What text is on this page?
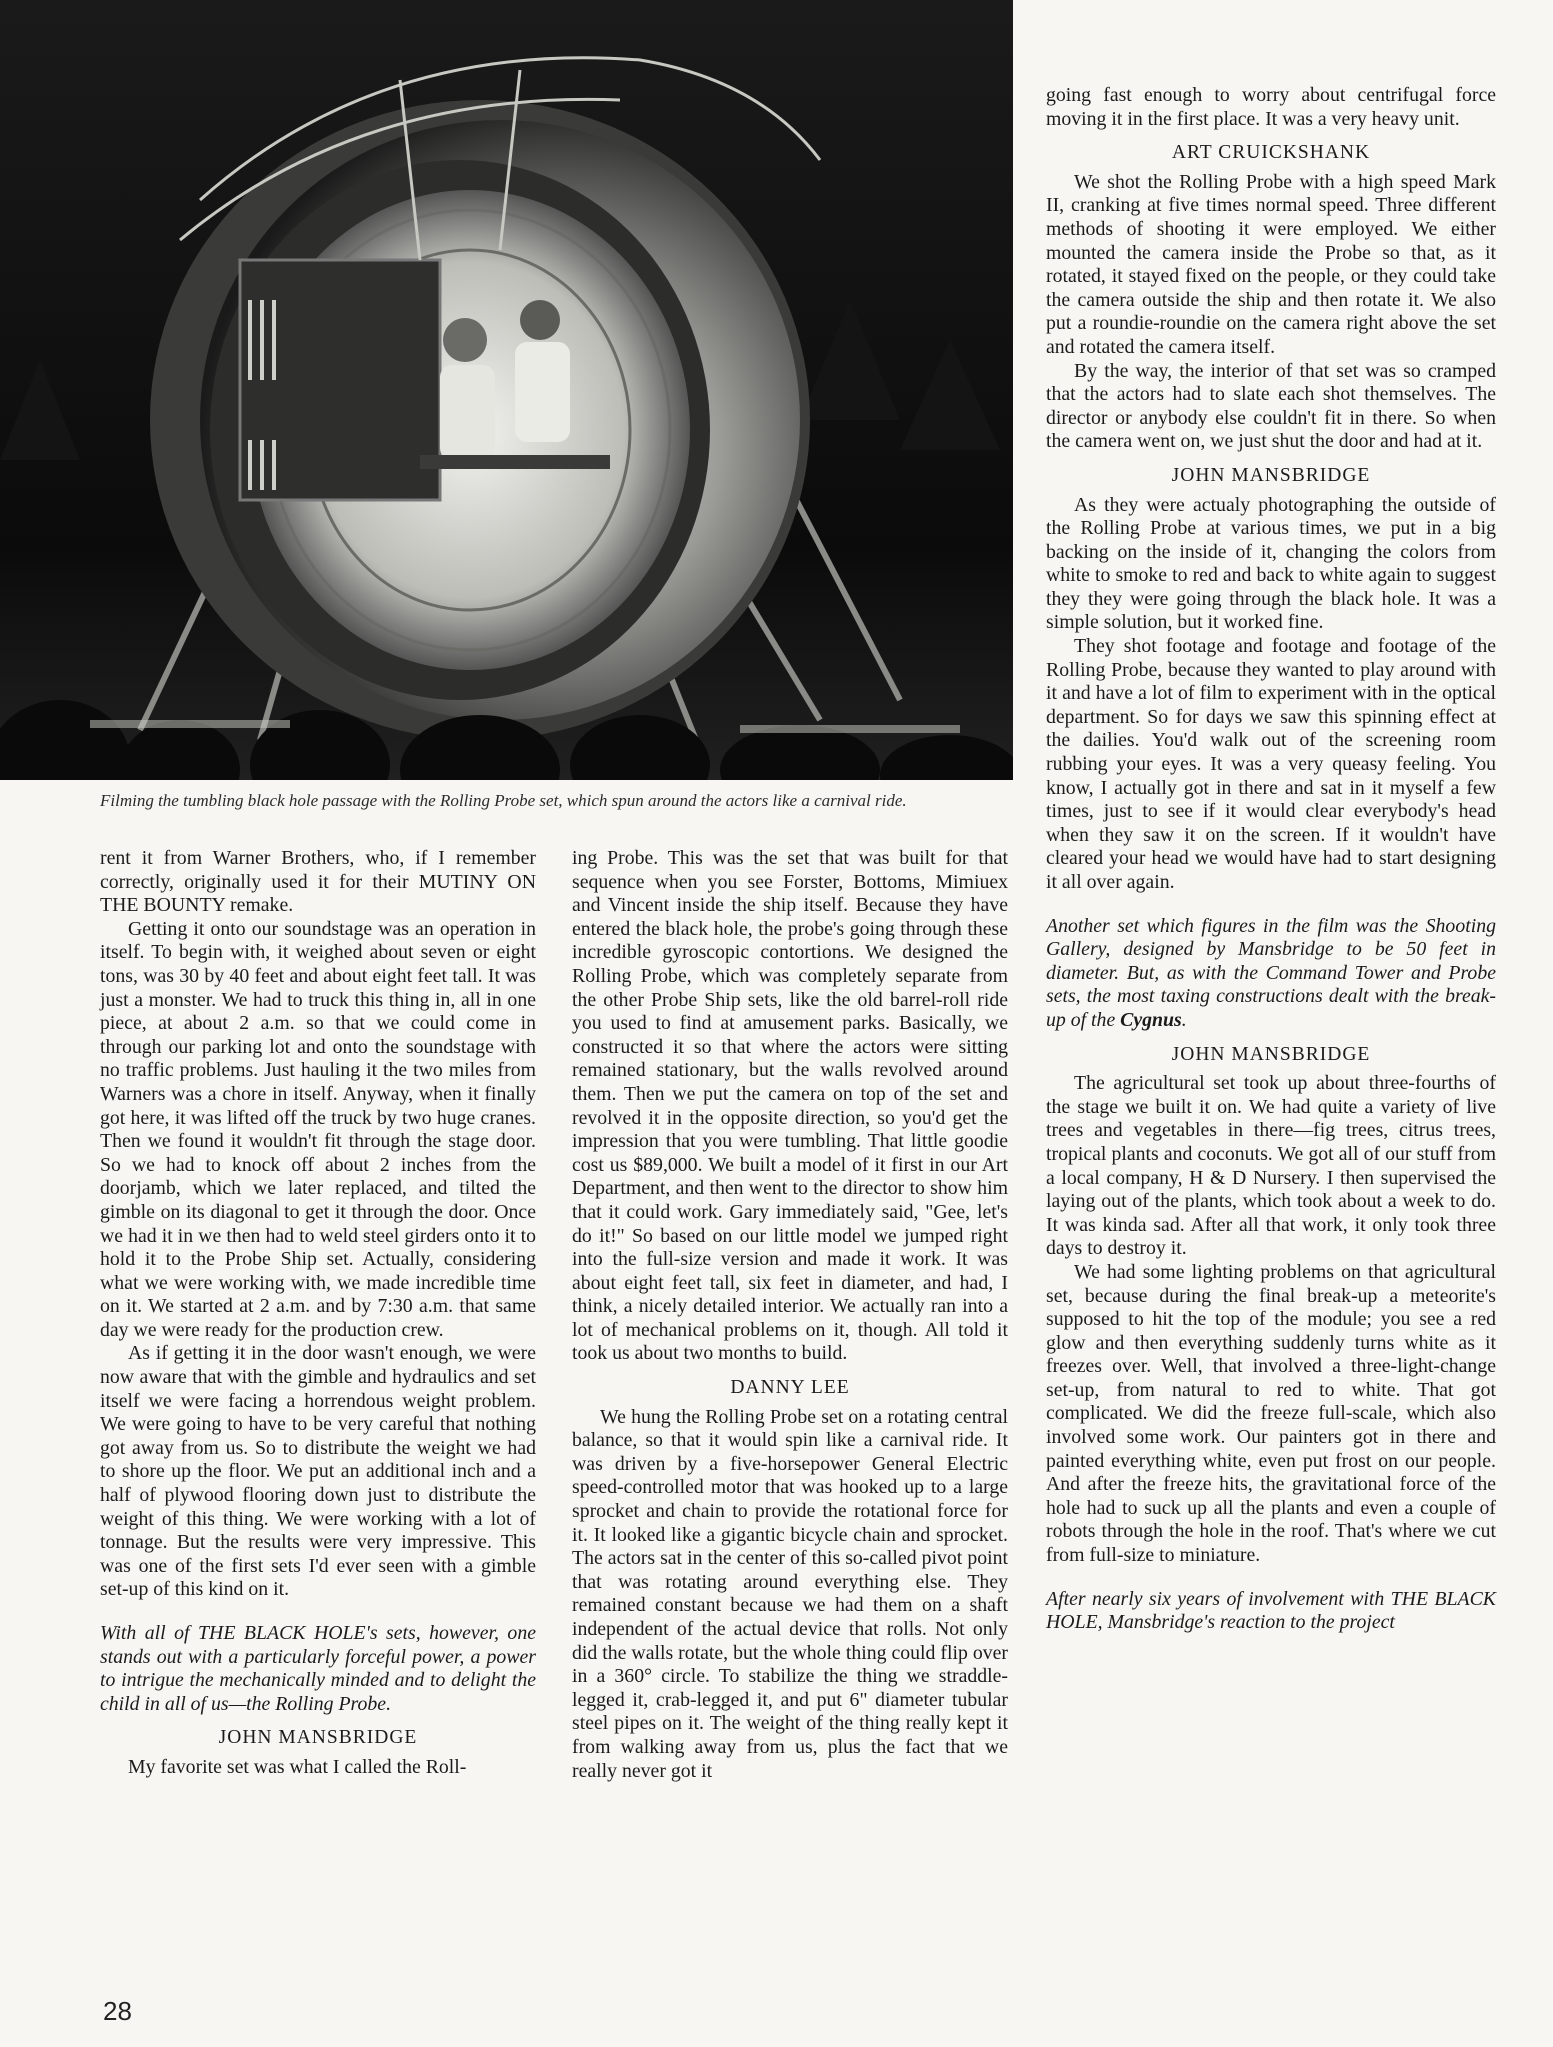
Filming the tumbling black hole passage with the Rolling Probe set, which spun around the actors like a carnival ride.

rent it from Warner Brothers, who, if I remember correctly, originally used it for their MUTINY ON THE BOUNTY remake.

Getting it onto our soundstage was an operation in itself. To begin with, it weighed about seven or eight tons, was 30 by 40 feet and about eight feet tall. It was just a monster. We had to truck this thing in, all in one piece, at about 2 a.m. so that we could come in through our parking lot and onto the soundstage with no traffic problems. Just hauling it the two miles from Warners was a chore in itself. Anyway, when it finally got here, it was lifted off the truck by two huge cranes. Then we found it wouldn't fit through the stage door. So we had to knock off about 2 inches from the doorjamb, which we later replaced, and tilted the gimble on its diagonal to get it through the door. Once we had it in we then had to weld steel girders onto it to hold it to the Probe Ship set. Actually, considering what we were working with, we made incredible time on it. We started at 2 a.m. and by 7:30 a.m. that same day we were ready for the production crew.

As if getting it in the door wasn't enough, we were now aware that with the gimble and hydraulics and set itself we were facing a horrendous weight problem. We were going to have to be very careful that nothing got away from us. So to distribute the weight we had to shore up the floor. We put an additional inch and a half of plywood flooring down just to distribute the weight of this thing. We were working with a lot of tonnage. But the results were very impressive. This was one of the first sets I'd ever seen with a gimble set-up of this kind on it.

With all of THE BLACK HOLE's sets, however, one stands out with a particularly forceful power, a power to intrigue the mechanically minded and to delight the child in all of us—the Rolling Probe.

JOHN MANSBRIDGE

My favorite set was what I called the Roll-

ing Probe. This was the set that was built for that sequence when you see Forster, Bottoms, Mimiuex and Vincent inside the ship itself. Because they have entered the black hole, the probe's going through these incredible gyroscopic contortions. We designed the Rolling Probe, which was completely separate from the other Probe Ship sets, like the old barrel-roll ride you used to find at amusement parks. Basically, we constructed it so that where the actors were sitting remained stationary, but the walls revolved around them. Then we put the camera on top of the set and revolved it in the opposite direction, so you'd get the impression that you were tumbling. That little goodie cost us $89,000. We built a model of it first in our Art Department, and then went to the director to show him that it could work. Gary immediately said, "Gee, let's do it!" So based on our little model we jumped right into the full-size version and made it work. It was about eight feet tall, six feet in diameter, and had, I think, a nicely detailed interior. We actually ran into a lot of mechanical problems on it, though. All told it took us about two months to build.

DANNY LEE

We hung the Rolling Probe set on a rotating central balance, so that it would spin like a carnival ride. It was driven by a five-horsepower General Electric speed-controlled motor that was hooked up to a large sprocket and chain to provide the rotational force for it. It looked like a gigantic bicycle chain and sprocket. The actors sat in the center of this so-called pivot point that was rotating around everything else. They remained constant because we had them on a shaft independent of the actual device that rolls. Not only did the walls rotate, but the whole thing could flip over in a 360° circle. To stabilize the thing we straddle-legged it, crab-legged it, and put 6" diameter tubular steel pipes on it. The weight of the thing really kept it from walking away from us, plus the fact that we really never got it

going fast enough to worry about centrifugal force moving it in the first place. It was a very heavy unit.

ART CRUICKSHANK

We shot the Rolling Probe with a high speed Mark II, cranking at five times normal speed. Three different methods of shooting it were employed. We either mounted the camera inside the Probe so that, as it rotated, it stayed fixed on the people, or they could take the camera outside the ship and then rotate it. We also put a roundie-roundie on the camera right above the set and rotated the camera itself.

By the way, the interior of that set was so cramped that the actors had to slate each shot themselves. The director or anybody else couldn't fit in there. So when the camera went on, we just shut the door and had at it.

JOHN MANSBRIDGE

As they were actualy photographing the outside of the Rolling Probe at various times, we put in a big backing on the inside of it, changing the colors from white to smoke to red and back to white again to suggest they they were going through the black hole. It was a simple solution, but it worked fine.

They shot footage and footage and footage of the Rolling Probe, because they wanted to play around with it and have a lot of film to experiment with in the optical department. So for days we saw this spinning effect at the dailies. You'd walk out of the screening room rubbing your eyes. It was a very queasy feeling. You know, I actually got in there and sat in it myself a few times, just to see if it would clear everybody's head when they saw it on the screen. If it wouldn't have cleared your head we would have had to start designing it all over again.

Another set which figures in the film was the Shooting Gallery, designed by Mansbridge to be 50 feet in diameter. But, as with the Command Tower and Probe sets, the most taxing constructions dealt with the break-up of the Cygnus.

JOHN MANSBRIDGE

The agricultural set took up about three-fourths of the stage we built it on. We had quite a variety of live trees and vegetables in there—fig trees, citrus trees, tropical plants and coconuts. We got all of our stuff from a local company, H & D Nursery. I then supervised the laying out of the plants, which took about a week to do. It was kinda sad. After all that work, it only took three days to destroy it.

We had some lighting problems on that agricultural set, because during the final break-up a meteorite's supposed to hit the top of the module; you see a red glow and then everything suddenly turns white as it freezes over. Well, that involved a three-light-change set-up, from natural to red to white. That got complicated. We did the freeze full-scale, which also involved some work. Our painters got in there and painted everything white, even put frost on our people. And after the freeze hits, the gravitational force of the hole had to suck up all the plants and even a couple of robots through the hole in the roof. That's where we cut from full-size to miniature.

After nearly six years of involvement with THE BLACK HOLE, Mansbridge's reaction to the project

28
